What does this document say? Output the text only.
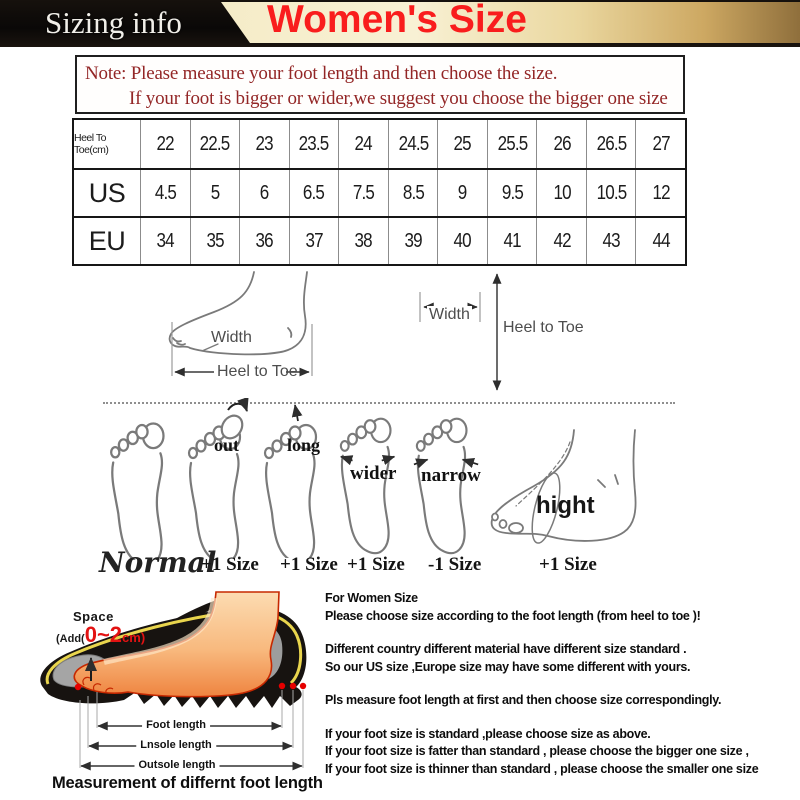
Sizing info Women's Size
Note: Please measure your foot length and then choose the size.
If your foot is bigger or wider,we suggest you choose the bigger one size
Heel To Toe(cm)	22 22.5 23 23.5 24 24.5 25 25.5 26 26.5 27
US	4.5 5 6 6.5 7.5 8.5 9 9.5 10 10.5 12
EU	34 35 36 37 38 39 40 41 42 43 44
Width
Heel to Toe
Width
Heel to Toe
out	long
wider narrow
hight
Normal
+1 Size +1 Size +1 Size -1 Size	+1 Size
Space
(Add(0~2cm)
Foot length
Lnsole length
Outsole length
Measurement of differnt foot length
For Women Size
Please choose size according to the foot length (from heel to toe )!
Different country different material have different size standard .
So our US size ,Europe size may have some different with yours.
Pls measure foot length at first and then choose size correspondingly.
If your foot size is standard ,please choose size as above.
If your foot size is fatter than standard , please choose the bigger one size ,
If your foot size is thinner than standard , please choose the smaller one size
